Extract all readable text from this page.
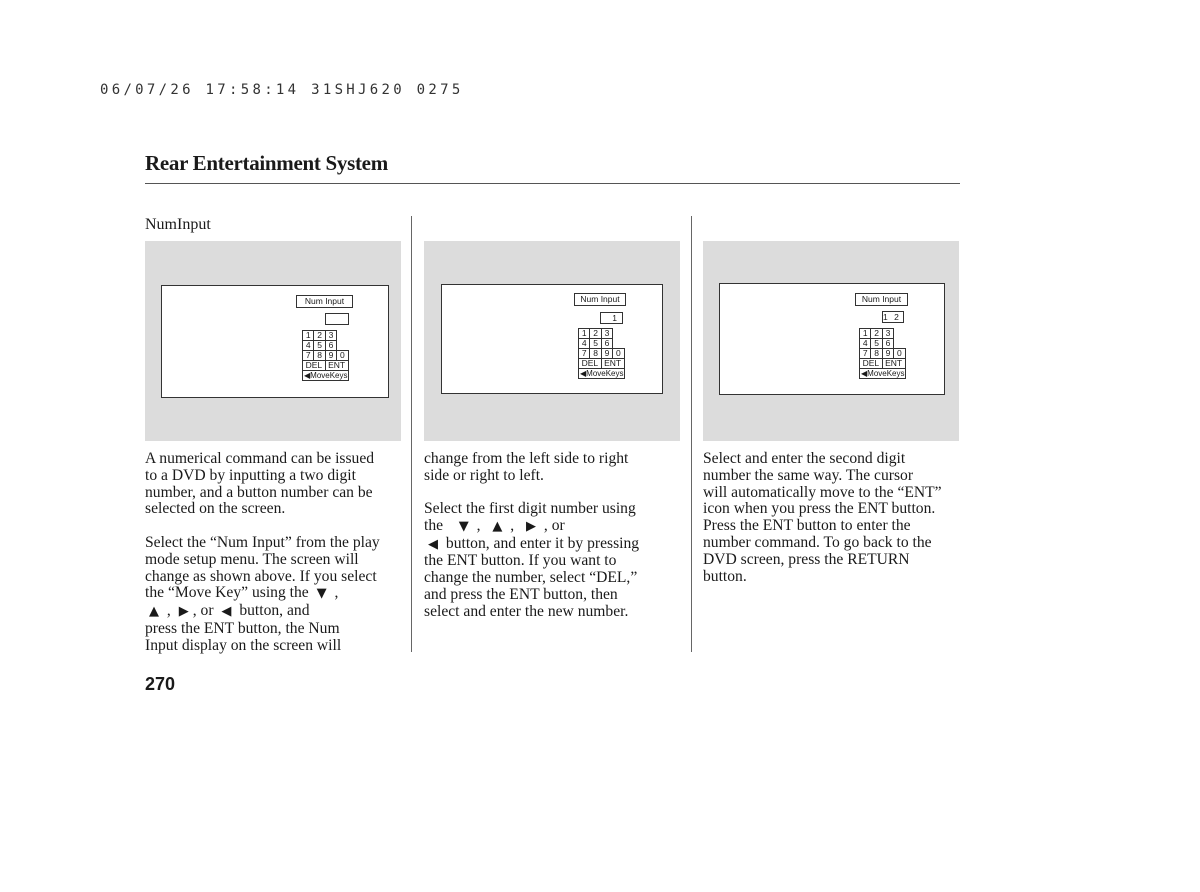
06/07/26 17:58:14 31SHJ620 0275
Rear Entertainment System
NumInput
Num Input
1	2	3	
4	5	6	
7	8	9	0
DEL		ENT	
◀MoveKeys			
Num Input
1
1	2	3	
4	5	6	
7	8	9	0
DEL		ENT	
◀MoveKeys			
Num Input
1 2
1	2	3	
4	5	6	
7	8	9	0
DEL		ENT	
◀MoveKeys			
A numerical command can be issued
to a DVD by inputting a two digit
number, and a button number can be
selected on the screen.
Select the “Num Input” from the play
mode setup menu. The screen will
change as shown above. If you select
the “Move Key” using the ▼ ,
▲ , ▶ , or ◀ button, and
press the ENT button, the Num
Input display on the screen will
change from the left side to right
side or right to left.
Select the first digit number using
the ▼ , ▲ , ▶ , or
◀ button, and enter it by pressing
the ENT button. If you want to
change the number, select “DEL,”
and press the ENT button, then
select and enter the new number.
Select and enter the second digit
number the same way. The cursor
will automatically move to the “ENT”
icon when you press the ENT button.
Press the ENT button to enter the
number command. To go back to the
DVD screen, press the RETURN
button.
270
